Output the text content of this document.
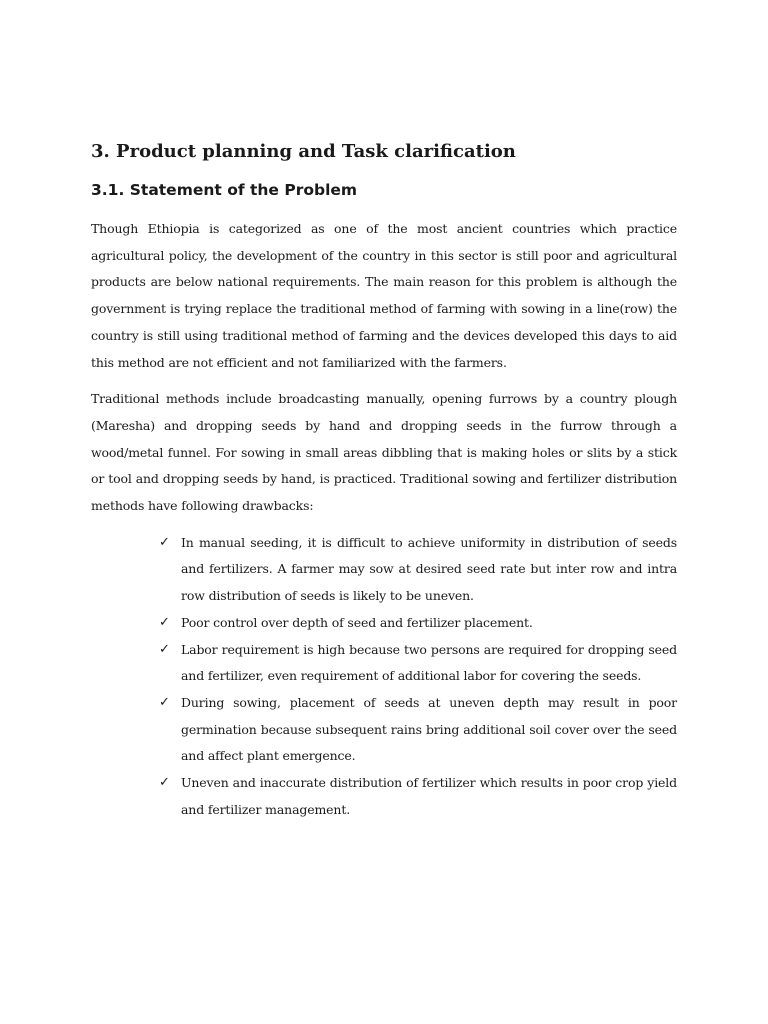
3. Product planning and Task clarification
3.1. Statement of the Problem

Though Ethiopia is categorized as one of the most ancient countries which practice agricultural policy, the development of the country in this sector is still poor and agricultural products are below national requirements. The main reason for this problem is although the government is trying replace the traditional method of farming with sowing in a line(row) the country is still using traditional method of farming and the devices developed this days to aid this method are not efficient and not familiarized with the farmers.

Traditional methods include broadcasting manually, opening furrows by a country plough (Maresha) and dropping seeds by hand and dropping seeds in the furrow through a wood/metal funnel. For sowing in small areas dibbling that is making holes or slits by a stick or tool and dropping seeds by hand, is practiced. Traditional sowing and fertilizer distribution methods have following drawbacks:

✓ In manual seeding, it is difficult to achieve uniformity in distribution of seeds and fertilizers. A farmer may sow at desired seed rate but inter row and intra row distribution of seeds is likely to be uneven.
✓ Poor control over depth of seed and fertilizer placement.
✓ Labor requirement is high because two persons are required for dropping seed and fertilizer, even requirement of additional labor for covering the seeds.
✓ During sowing, placement of seeds at uneven depth may result in poor germination because subsequent rains bring additional soil cover over the seed and affect plant emergence.
✓ Uneven and inaccurate distribution of fertilizer which results in poor crop yield and fertilizer management.
